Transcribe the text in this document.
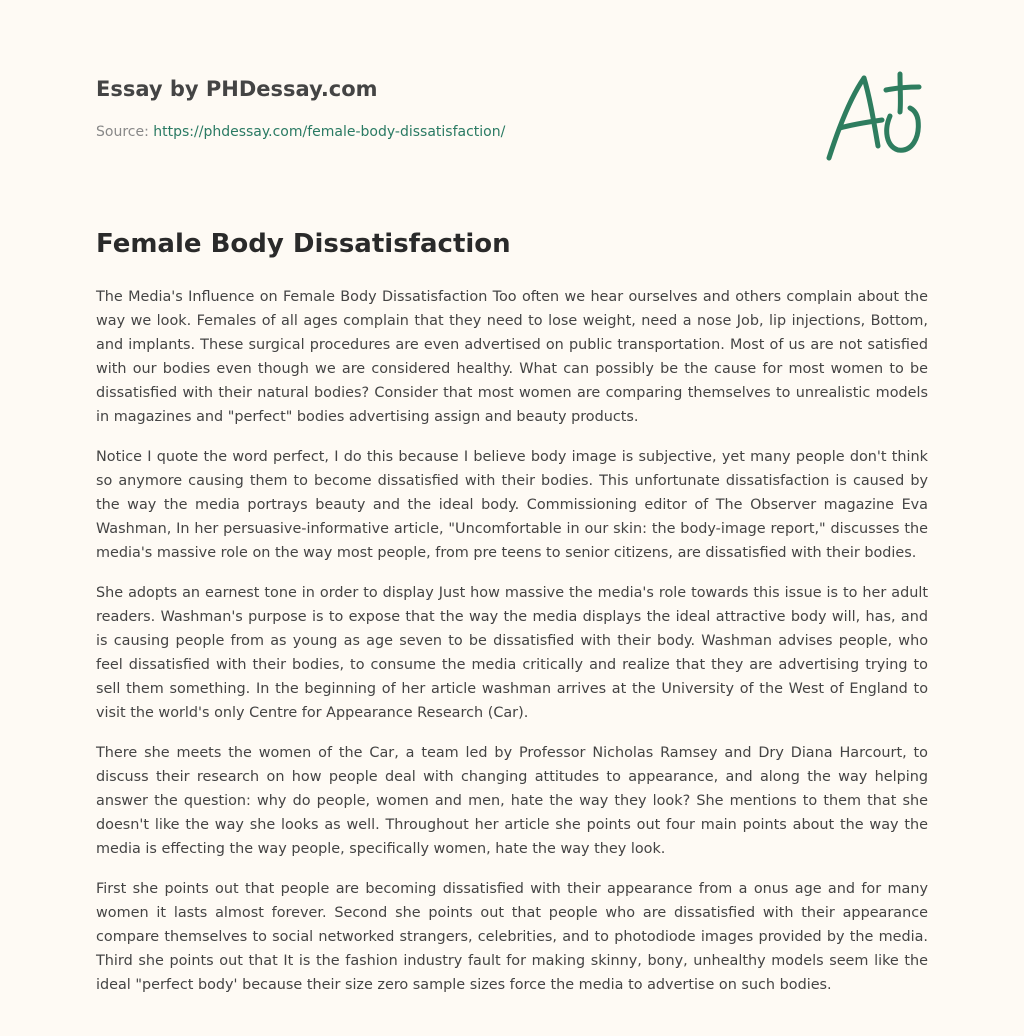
Essay by PHDessay.com
Source: https://phdessay.com/female-body-dissatisfaction/
Female Body Dissatisfaction

The Media's Influence on Female Body Dissatisfaction Too often we hear ourselves and others complain about the way we look. Females of all ages complain that they need to lose weight, need a nose Job, lip injections, Bottom, and implants. These surgical procedures are even advertised on public transportation. Most of us are not satisfied with our bodies even though we are considered healthy. What can possibly be the cause for most women to be dissatisfied with their natural bodies? Consider that most women are comparing themselves to unrealistic models in magazines and "perfect" bodies advertising assign and beauty products.

Notice I quote the word perfect, I do this because I believe body image is subjective, yet many people don't think so anymore causing them to become dissatisfied with their bodies. This unfortunate dissatisfaction is caused by the way the media portrays beauty and the ideal body. Commissioning editor of The Observer magazine Eva Washman, In her persuasive-informative article, "Uncomfortable in our skin: the body-image report," discusses the media's massive role on the way most people, from pre teens to senior citizens, are dissatisfied with their bodies.

She adopts an earnest tone in order to display Just how massive the media's role towards this issue is to her adult readers. Washman's purpose is to expose that the way the media displays the ideal attractive body will, has, and is causing people from as young as age seven to be dissatisfied with their body. Washman advises people, who feel dissatisfied with their bodies, to consume the media critically and realize that they are advertising trying to sell them something. In the beginning of her article washman arrives at the University of the West of England to visit the world's only Centre for Appearance Research (Car).

There she meets the women of the Car, a team led by Professor Nicholas Ramsey and Dry Diana Harcourt, to discuss their research on how people deal with changing attitudes to appearance, and along the way helping answer the question: why do people, women and men, hate the way they look? She mentions to them that she doesn't like the way she looks as well. Throughout her article she points out four main points about the way the media is effecting the way people, specifically women, hate the way they look.

First she points out that people are becoming dissatisfied with their appearance from a onus age and for many women it lasts almost forever. Second she points out that people who are dissatisfied with their appearance compare themselves to social networked strangers, celebrities, and to photodiode images provided by the media. Third she points out that It is the fashion industry fault for making skinny, bony, unhealthy models seem like the ideal "perfect body' because their size zero sample sizes force the media to advertise on such bodies.
